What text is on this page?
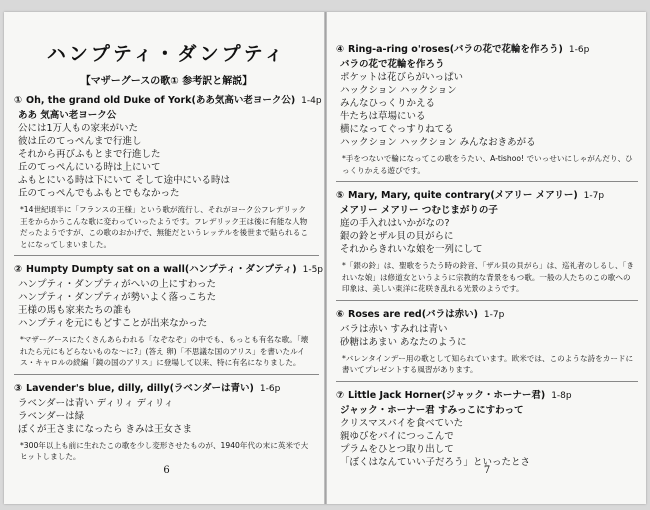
ハンプティ・ダンプティ
【マザーグースの歌① 参考訳と解説】
① Oh, the grand old Duke of York(ああ気高い老ヨーク公) 1-4p
ああ 気高い老ヨーク公
公には1万人もの家来がいた
彼は丘のてっぺんまで行進し
それから再びふもとまで行進した
丘のてっぺんにいる時は上にいて
ふもとにいる時は下にいて そして途中にいる時は
丘のてっぺんでもふもとでもなかった
*14世紀頃半に「フランスの王様」という歌が流行し、それがヨーク公フレデリック王をからかうこんな歌に変わっていったようです。フレデリック王は後に有能な人物だったようですが、この歌のおかげで、無能だというレッテルを後世まで貼られることになってしまいました。
② Humpty Dumpty sat on a wall(ハンプティ・ダンプティ) 1-5p
ハンプティ・ダンプティがへいの上にすわった
ハンプティ・ダンプティが勢いよく落っこちた
王様の馬も家来たちの誰も
ハンプティを元にもどすことが出来なかった
*マザーグースにたくさんあらわれる「なぞなぞ」の中でも、もっとも有名な歌。「壊れたら元にもどらないものな～に?」(答え 卵)「不思議な国のアリス」を書いたルイス・キャロルの続編「鏡の国のアリス」に登場して以来、特に有名になりました。
③ Lavender's blue, dilly, dilly(ラベンダーは青い) 1-6p
ラベンダーは青い ディリィ ディリィ
ラベンダーは緑
ぼくが王さまになったら きみは王女さま
*300年以上も前に生れたこの歌を少し変形させたものが、1940年代の末に英米で大ヒットしました。
6
④ Ring-a-ring o'roses(バラの花で花輪を作ろう) 1-6p
バラの花で花輪を作ろう
ポケットは花びらがいっぱい
ハックション ハックション
みんなひっくりかえる
牛たちは草場にいる
横になってぐっすりねてる
ハックション ハックション みんなおきあがる
*手をつないで輪になってこの歌をうたい、A-tishoo! でいっせいにしゃがんだり、ひっくりかえる遊びです。
⑤ Mary, Mary, quite contrary(メアリー メアリー) 1-7p
メアリー メアリー つむじまがりの子
庭の手入れはいかがなの?
銀の鈴とザル貝の貝がらに
それからきれいな娘を一列にして
*「銀の鈴」は、聖歌をうたう時の鈴音、「ザル貝の貝がら」は、巡礼者のしるし、「きれいな娘」は修道女というように宗教的な背景をもつ歌。一般の人たちのこの歌への印象は、美しい東洋に花咲き乱れる光景のようです。
⑥ Roses are red(バラは赤い) 1-7p
バラは赤い すみれは青い
砂糖はあまい あなたのように
*バレンタインデー用の歌として知られています。欧米では、このような詩をカードに書いてプレゼントする風習があります。
⑦ Little Jack Horner(ジャック・ホーナー君) 1-8p
ジャック・ホーナー君 すみっこにすわって
クリスマスパイを食べていた
親ゆびをパイにつっこんで
プラムをひとつ取り出して
「ぼくはなんていい子だろう」といったとさ
7
